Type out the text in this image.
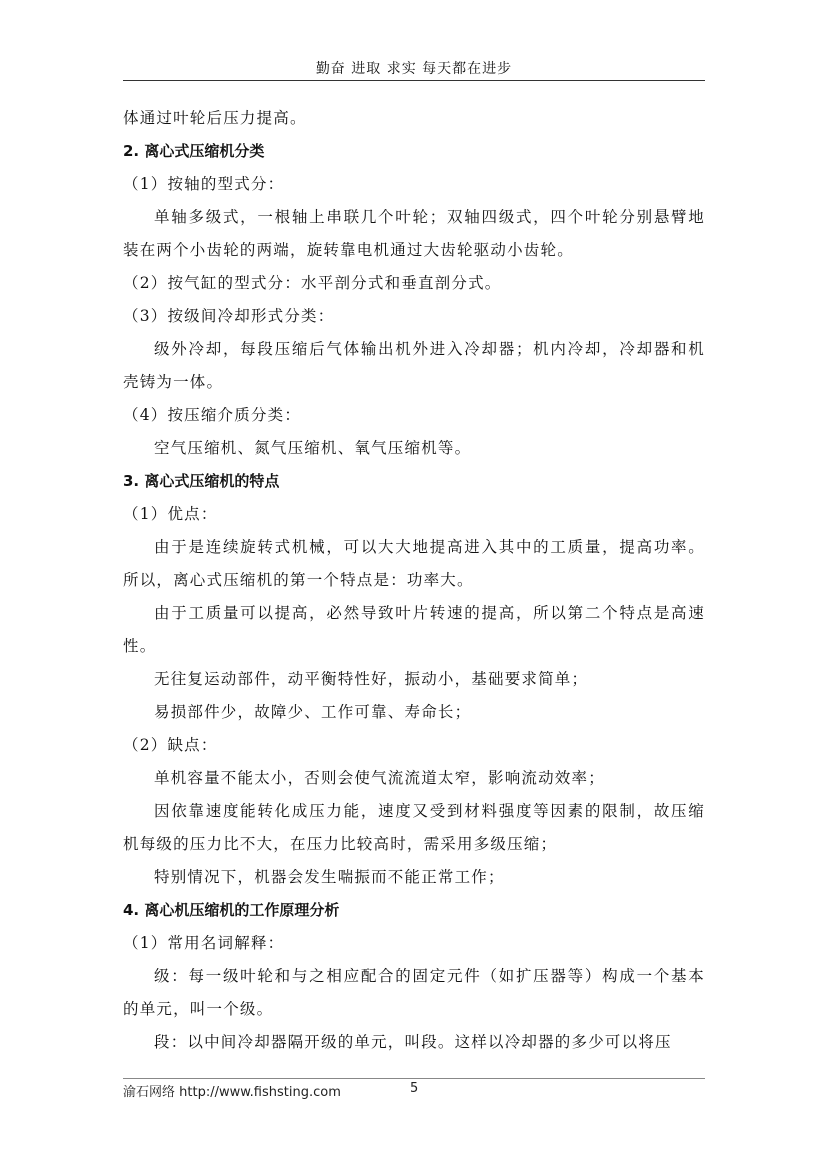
勤奋 进取 求实 每天都在进步

体通过叶轮后压力提高。

2. 离心式压缩机分类

（1）按轴的型式分：

单轴多级式，一根轴上串联几个叶轮；双轴四级式，四个叶轮分别悬臂地装在两个小齿轮的两端，旋转靠电机通过大齿轮驱动小齿轮。

（2）按气缸的型式分：水平剖分式和垂直剖分式。

（3）按级间冷却形式分类：

级外冷却，每段压缩后气体输出机外进入冷却器；机内冷却，冷却器和机壳铸为一体。

（4）按压缩介质分类：

空气压缩机、氮气压缩机、氧气压缩机等。

3. 离心式压缩机的特点

（1）优点：

由于是连续旋转式机械，可以大大地提高进入其中的工质量，提高功率。所以，离心式压缩机的第一个特点是：功率大。

由于工质量可以提高，必然导致叶片转速的提高，所以第二个特点是高速性。

无往复运动部件，动平衡特性好，振动小，基础要求简单；

易损部件少，故障少、工作可靠、寿命长；

（2）缺点：

单机容量不能太小，否则会使气流流道太窄，影响流动效率；

因依靠速度能转化成压力能，速度又受到材料强度等因素的限制，故压缩机每级的压力比不大，在压力比较高时，需采用多级压缩；

特别情况下，机器会发生喘振而不能正常工作；

4. 离心机压缩机的工作原理分析

（1）常用名词解释：

级：每一级叶轮和与之相应配合的固定元件（如扩压器等）构成一个基本的单元，叫一个级。

段：以中间冷却器隔开级的单元，叫段。这样以冷却器的多少可以将压

渝石网络 http://www.fishsting.com	5
